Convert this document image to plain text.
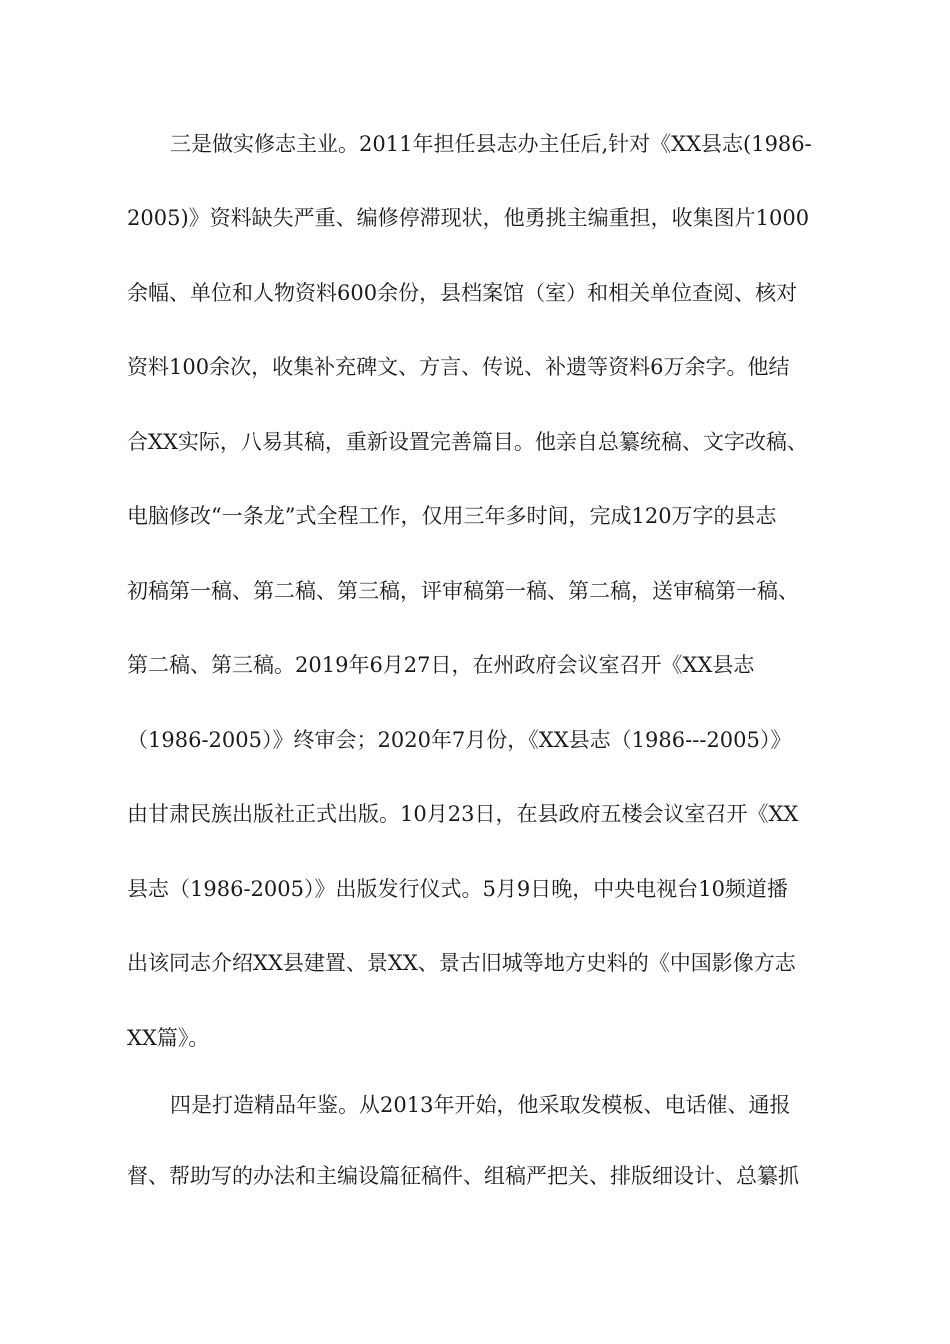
三是做实修志主业。2011年担任县志办主任后,针对《XX县志(1986-
2005)》资料缺失严重、编修停滞现状，他勇挑主编重担，收集图片1000
余幅、单位和人物资料600余份，县档案馆（室）和相关单位查阅、核对
资料100余次，收集补充碑文、方言、传说、补遗等资料6万余字。他结
合XX实际，八易其稿，重新设置完善篇目。他亲自总纂统稿、文字改稿、
电脑修改“一条龙”式全程工作，仅用三年多时间，完成120万字的县志
初稿第一稿、第二稿、第三稿，评审稿第一稿、第二稿，送审稿第一稿、
第二稿、第三稿。2019年6月27日，在州政府会议室召开《XX县志
（1986-2005）》终审会；2020年7月份，《XX县志（1986---2005）》
由甘肃民族出版社正式出版。10月23日，在县政府五楼会议室召开《XX
县志（1986-2005）》出版发行仪式。5月9日晚，中央电视台10频道播
出该同志介绍XX县建置、景XX、景古旧城等地方史料的《中国影像方志
XX篇》。
四是打造精品年鉴。从2013年开始，他采取发模板、电话催、通报
督、帮助写的办法和主编设篇征稿件、组稿严把关、排版细设计、总纂抓
